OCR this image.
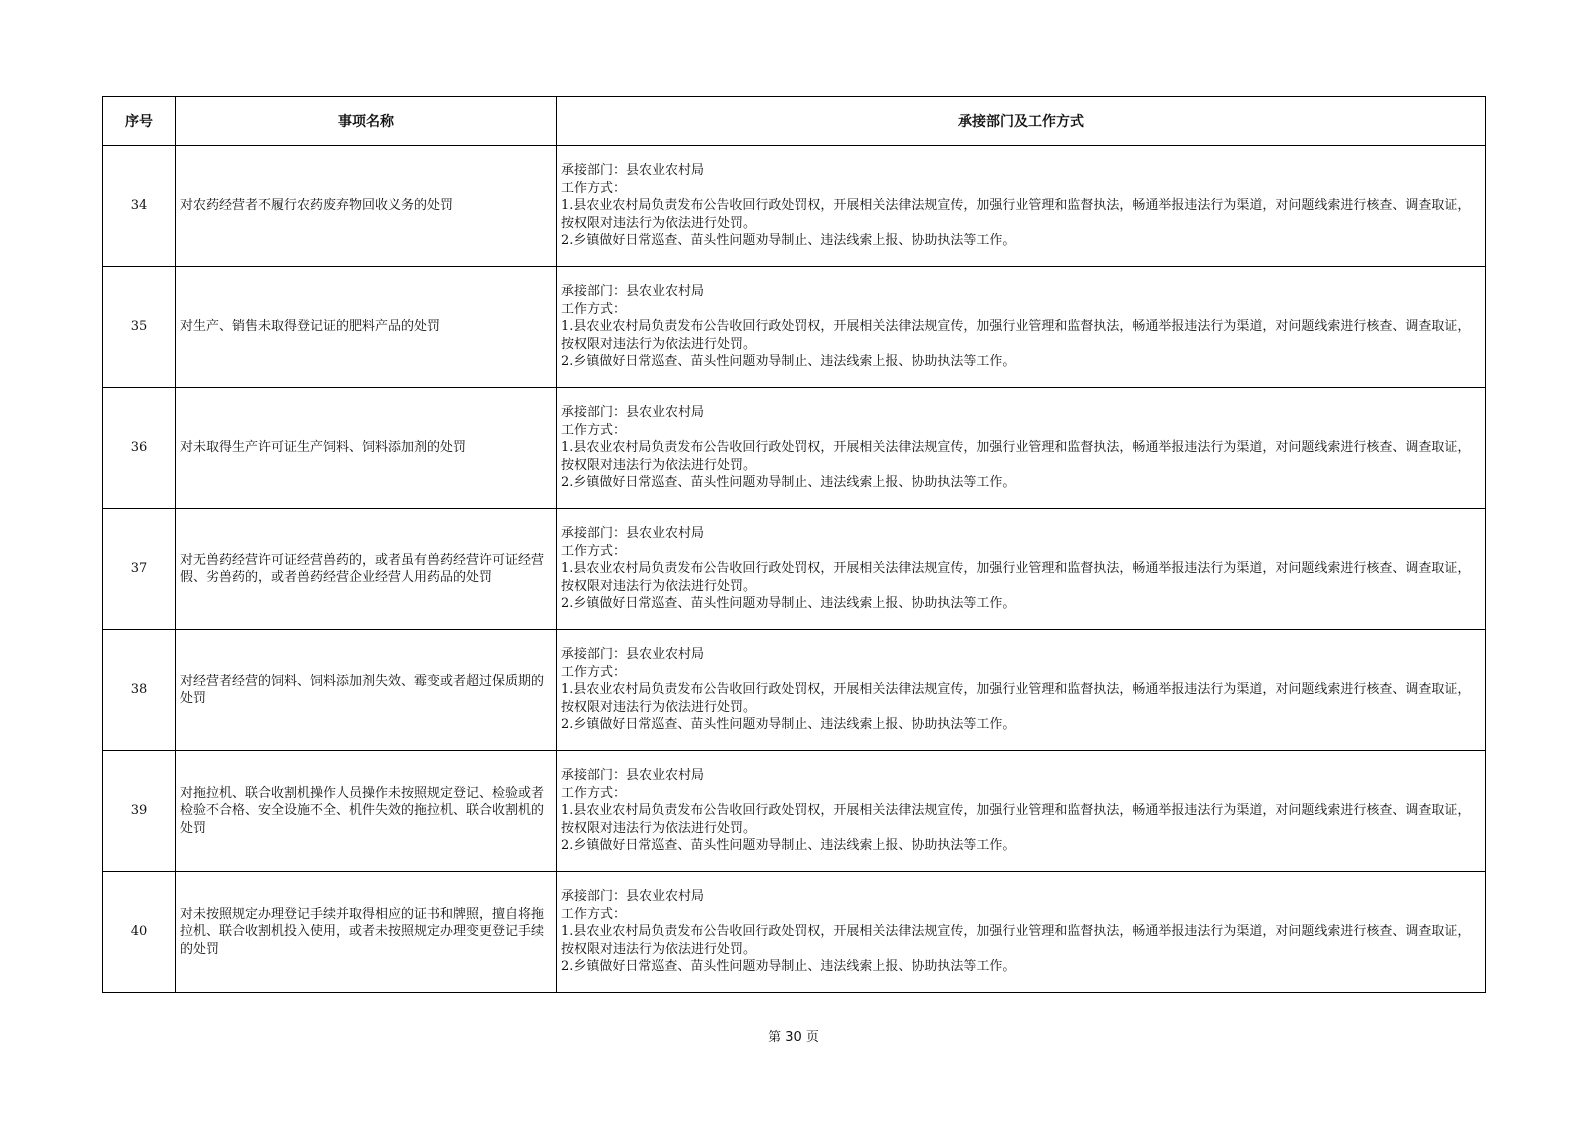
序号	事项名称	承接部门及工作方式
34	对农药经营者不履行农药废弃物回收义务的处罚	承接部门：县农业农村局
工作方式：
1.县农业农村局负责发布公告收回行政处罚权，开展相关法律法规宣传，加强行业管理和监督执法，畅通举报违法行为渠道，对问题线索进行核查、调查取证，按权限对违法行为依法进行处罚。
2.乡镇做好日常巡查、苗头性问题劝导制止、违法线索上报、协助执法等工作。

35	对生产、销售未取得登记证的肥料产品的处罚	承接部门：县农业农村局
工作方式：
1.县农业农村局负责发布公告收回行政处罚权，开展相关法律法规宣传，加强行业管理和监督执法，畅通举报违法行为渠道，对问题线索进行核查、调查取证，按权限对违法行为依法进行处罚。
2.乡镇做好日常巡查、苗头性问题劝导制止、违法线索上报、协助执法等工作。

36	对未取得生产许可证生产饲料、饲料添加剂的处罚	承接部门：县农业农村局
工作方式：
1.县农业农村局负责发布公告收回行政处罚权，开展相关法律法规宣传，加强行业管理和监督执法，畅通举报违法行为渠道，对问题线索进行核查、调查取证，按权限对违法行为依法进行处罚。
2.乡镇做好日常巡查、苗头性问题劝导制止、违法线索上报、协助执法等工作。

37	对无兽药经营许可证经营兽药的，或者虽有兽药经营许可证经营假、劣兽药的，或者兽药经营企业经营人用药品的处罚	承接部门：县农业农村局
工作方式：
1.县农业农村局负责发布公告收回行政处罚权，开展相关法律法规宣传，加强行业管理和监督执法，畅通举报违法行为渠道，对问题线索进行核查、调查取证，按权限对违法行为依法进行处罚。
2.乡镇做好日常巡查、苗头性问题劝导制止、违法线索上报、协助执法等工作。

38	对经营者经营的饲料、饲料添加剂失效、霉变或者超过保质期的处罚	承接部门：县农业农村局
工作方式：
1.县农业农村局负责发布公告收回行政处罚权，开展相关法律法规宣传，加强行业管理和监督执法，畅通举报违法行为渠道，对问题线索进行核查、调查取证，按权限对违法行为依法进行处罚。
2.乡镇做好日常巡查、苗头性问题劝导制止、违法线索上报、协助执法等工作。

39	对拖拉机、联合收割机操作人员操作未按照规定登记、检验或者检验不合格、安全设施不全、机件失效的拖拉机、联合收割机的处罚	承接部门：县农业农村局
工作方式：
1.县农业农村局负责发布公告收回行政处罚权，开展相关法律法规宣传，加强行业管理和监督执法，畅通举报违法行为渠道，对问题线索进行核查、调查取证，按权限对违法行为依法进行处罚。
2.乡镇做好日常巡查、苗头性问题劝导制止、违法线索上报、协助执法等工作。

40	对未按照规定办理登记手续并取得相应的证书和牌照，擅自将拖拉机、联合收割机投入使用，或者未按照规定办理变更登记手续的处罚	承接部门：县农业农村局
工作方式：
1.县农业农村局负责发布公告收回行政处罚权，开展相关法律法规宣传，加强行业管理和监督执法，畅通举报违法行为渠道，对问题线索进行核查、调查取证，按权限对违法行为依法进行处罚。
2.乡镇做好日常巡查、苗头性问题劝导制止、违法线索上报、协助执法等工作。
第 30 页
